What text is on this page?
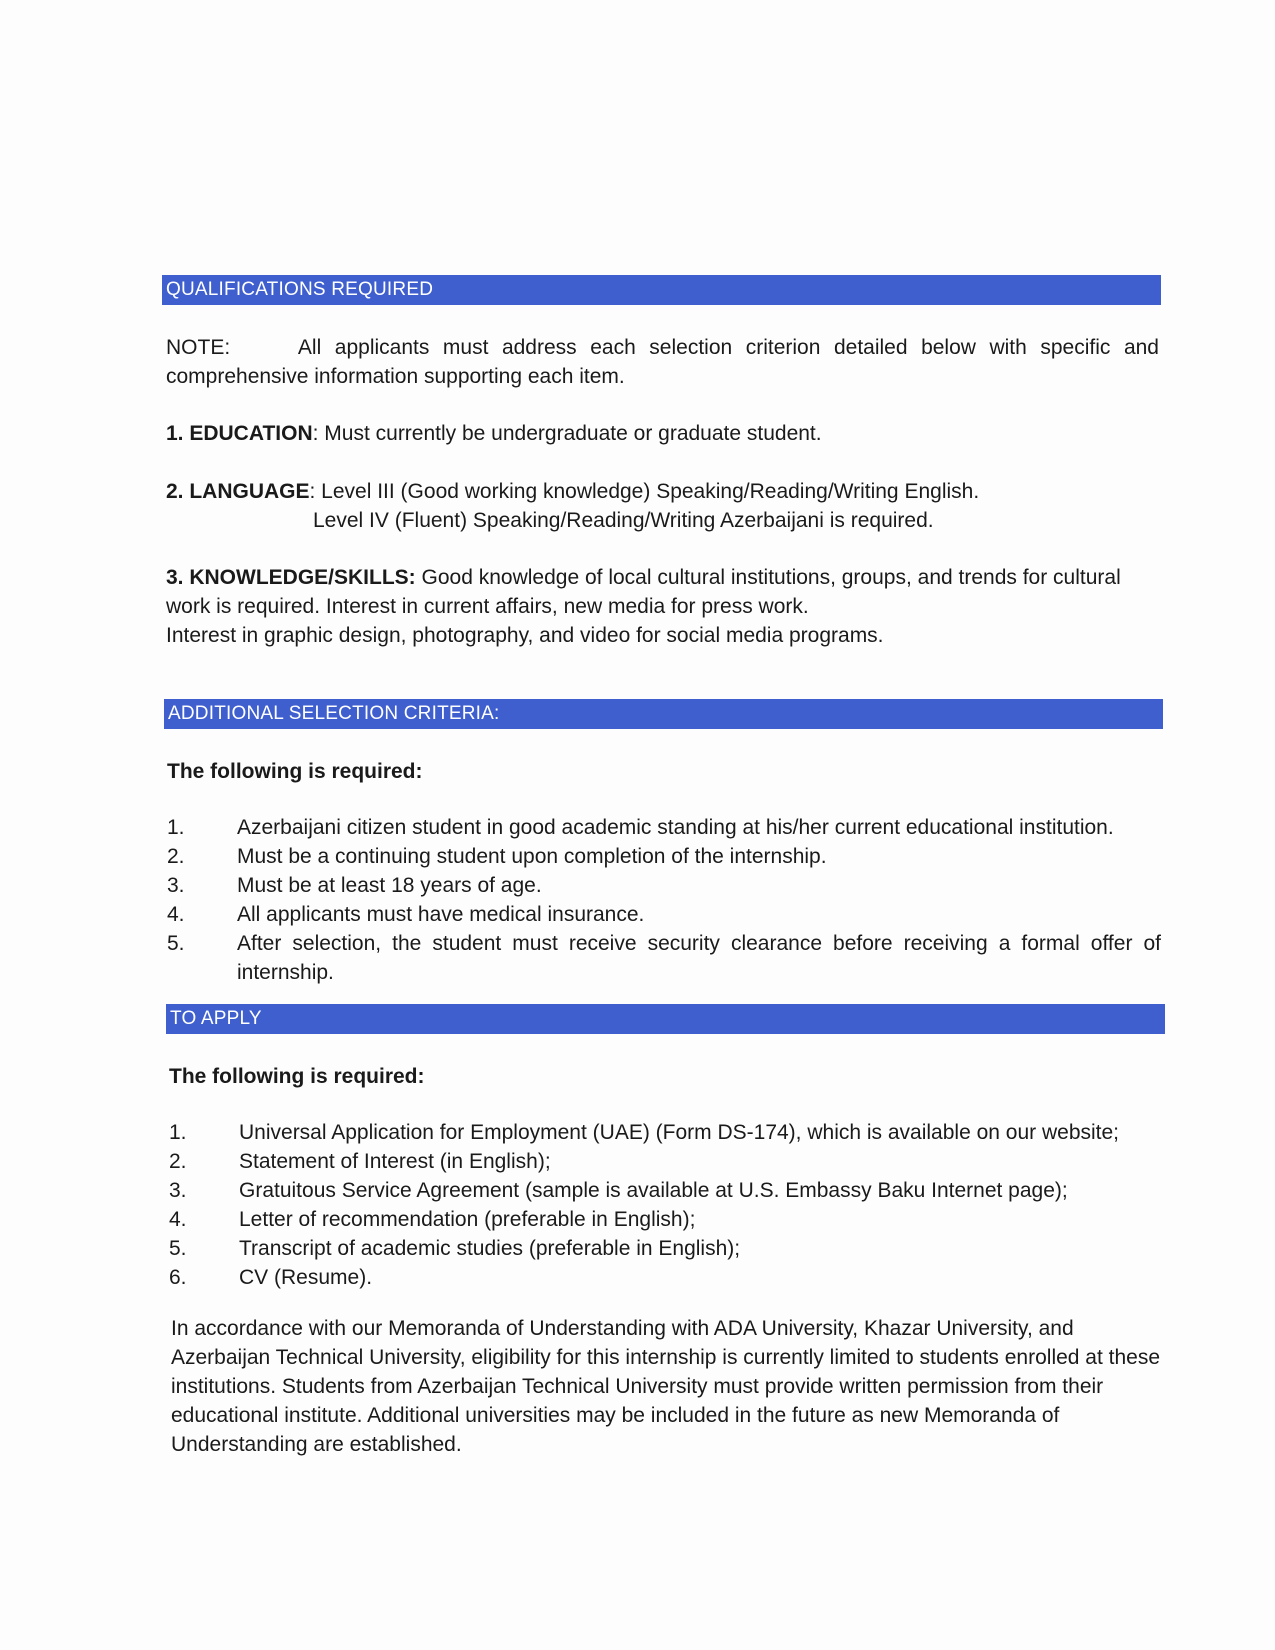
QUALIFICATIONS REQUIRED
NOTE:	All applicants must address each selection criterion detailed below with specific and comprehensive information supporting each item.
1. EDUCATION: Must currently be undergraduate or graduate student.
2. LANGUAGE: Level III (Good working knowledge) Speaking/Reading/Writing English.
Level IV (Fluent) Speaking/Reading/Writing Azerbaijani is required.
3. KNOWLEDGE/SKILLS: Good knowledge of local cultural institutions, groups, and trends for cultural work is required. Interest in current affairs, new media for press work.
Interest in graphic design, photography, and video for social media programs.
ADDITIONAL SELECTION CRITERIA:
The following is required:
1.	Azerbaijani citizen student in good academic standing at his/her current educational institution.
2.	Must be a continuing student upon completion of the internship.
3.	Must be at least 18 years of age.
4.	All applicants must have medical insurance.
5.	After selection, the student must receive security clearance before receiving a formal offer of internship.
TO APPLY
The following is required:
1.	Universal Application for Employment (UAE) (Form DS-174), which is available on our website;
2.	Statement of Interest (in English);
3.	Gratuitous Service Agreement (sample is available at U.S. Embassy Baku Internet page);
4.	Letter of recommendation (preferable in English);
5.	Transcript of academic studies (preferable in English);
6.	CV (Resume).
In accordance with our Memoranda of Understanding with ADA University, Khazar University, and Azerbaijan Technical University, eligibility for this internship is currently limited to students enrolled at these institutions. Students from Azerbaijan Technical University must provide written permission from their educational institute. Additional universities may be included in the future as new Memoranda of Understanding are established.
